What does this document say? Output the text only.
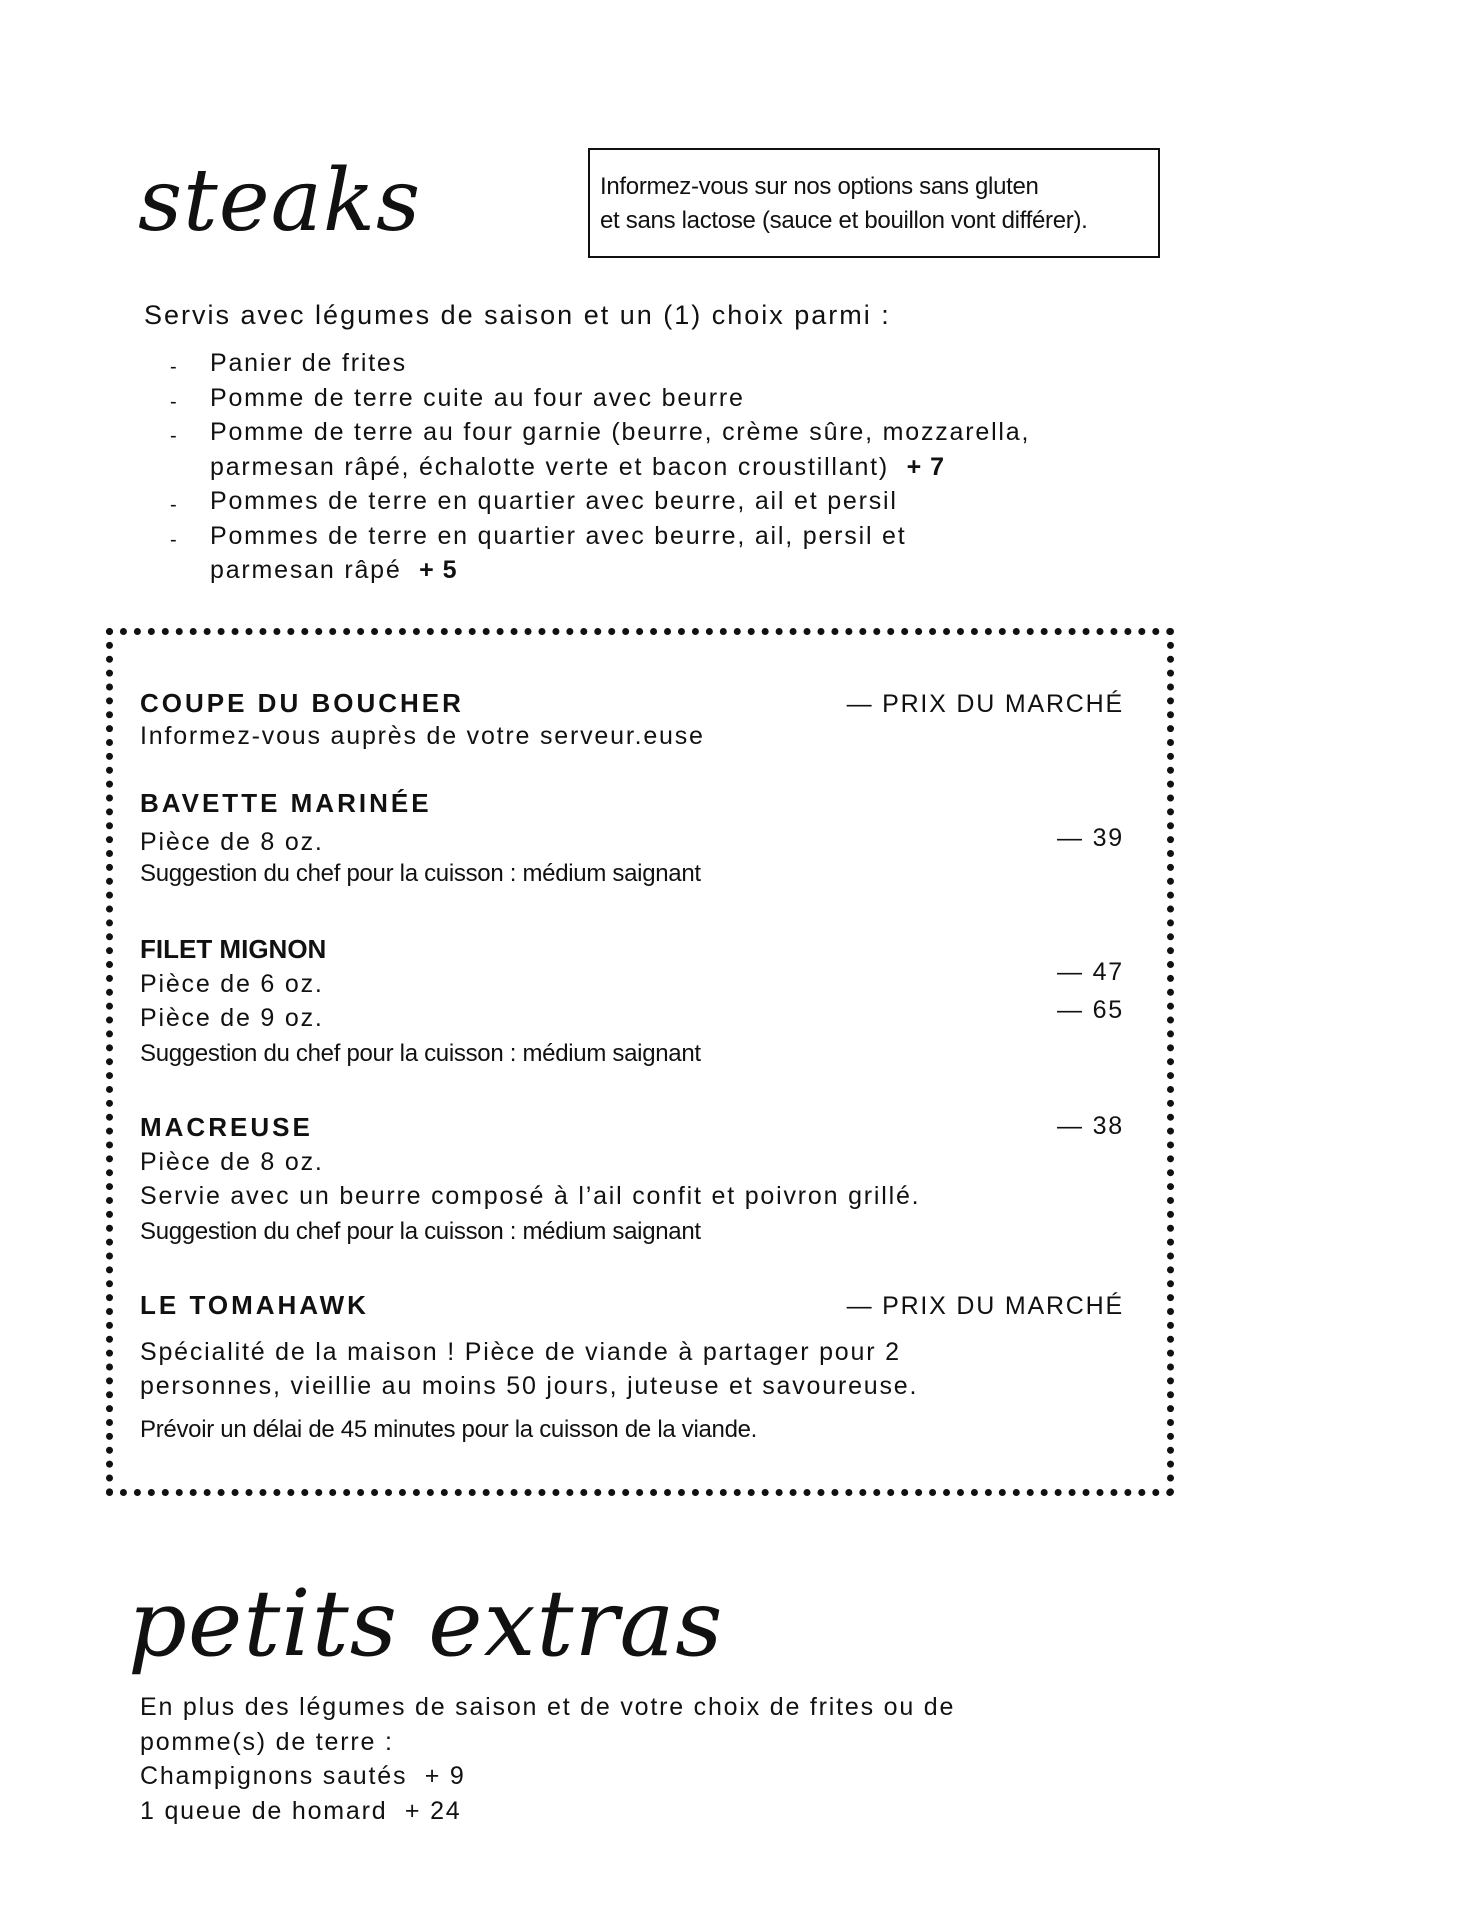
steaks	Informez-vous sur nos options sans gluten
et sans lactose (sauce et bouillon vont différer).
Servis avec légumes de saison et un (1) choix parmi :
- Panier de frites
- Pomme de terre cuite au four avec beurre
- Pomme de terre au four garnie (beurre, crème sûre, mozzarella, parmesan râpé, échalotte verte et bacon croustillant) + 7
- Pommes de terre en quartier avec beurre, ail et persil
- Pommes de terre en quartier avec beurre, ail, persil et parmesan râpé + 5
COUPE DU BOUCHER	— PRIX DU MARCHÉ
Informez-vous auprès de votre serveur.euse
BAVETTE MARINÉE
Pièce de 8 oz.	— 39
Suggestion du chef pour la cuisson : médium saignant
FILET MIGNON
Pièce de 6 oz.	— 47
Pièce de 9 oz.	— 65
Suggestion du chef pour la cuisson : médium saignant
MACREUSE	— 38
Pièce de 8 oz.
Servie avec un beurre composé à l’ail confit et poivron grillé.
Suggestion du chef pour la cuisson : médium saignant
LE TOMAHAWK	— PRIX DU MARCHÉ
Spécialité de la maison ! Pièce de viande à partager pour 2
personnes, vieillie au moins 50 jours, juteuse et savoureuse.
Prévoir un délai de 45 minutes pour la cuisson de la viande.
petits extras
En plus des légumes de saison et de votre choix de frites ou de
pomme(s) de terre :
Champignons sautés  + 9
1 queue de homard  + 24
